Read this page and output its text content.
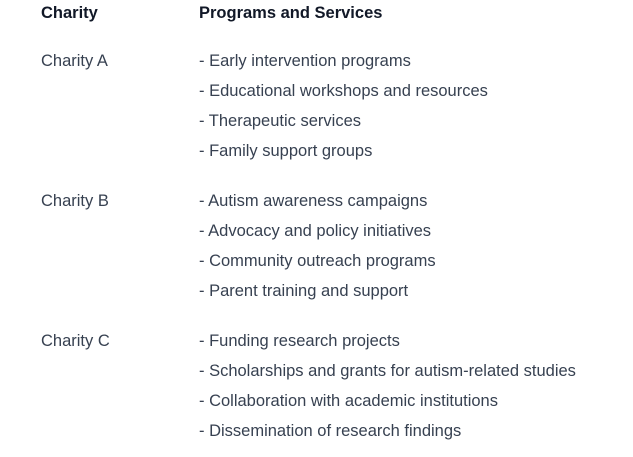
Charity	Programs and Services

Charity A	- Early intervention programs
- Educational workshops and resources
- Therapeutic services
- Family support groups

Charity B	- Autism awareness campaigns
- Advocacy and policy initiatives
- Community outreach programs
- Parent training and support

Charity C	- Funding research projects
- Scholarships and grants for autism-related studies
- Collaboration with academic institutions
- Dissemination of research findings
